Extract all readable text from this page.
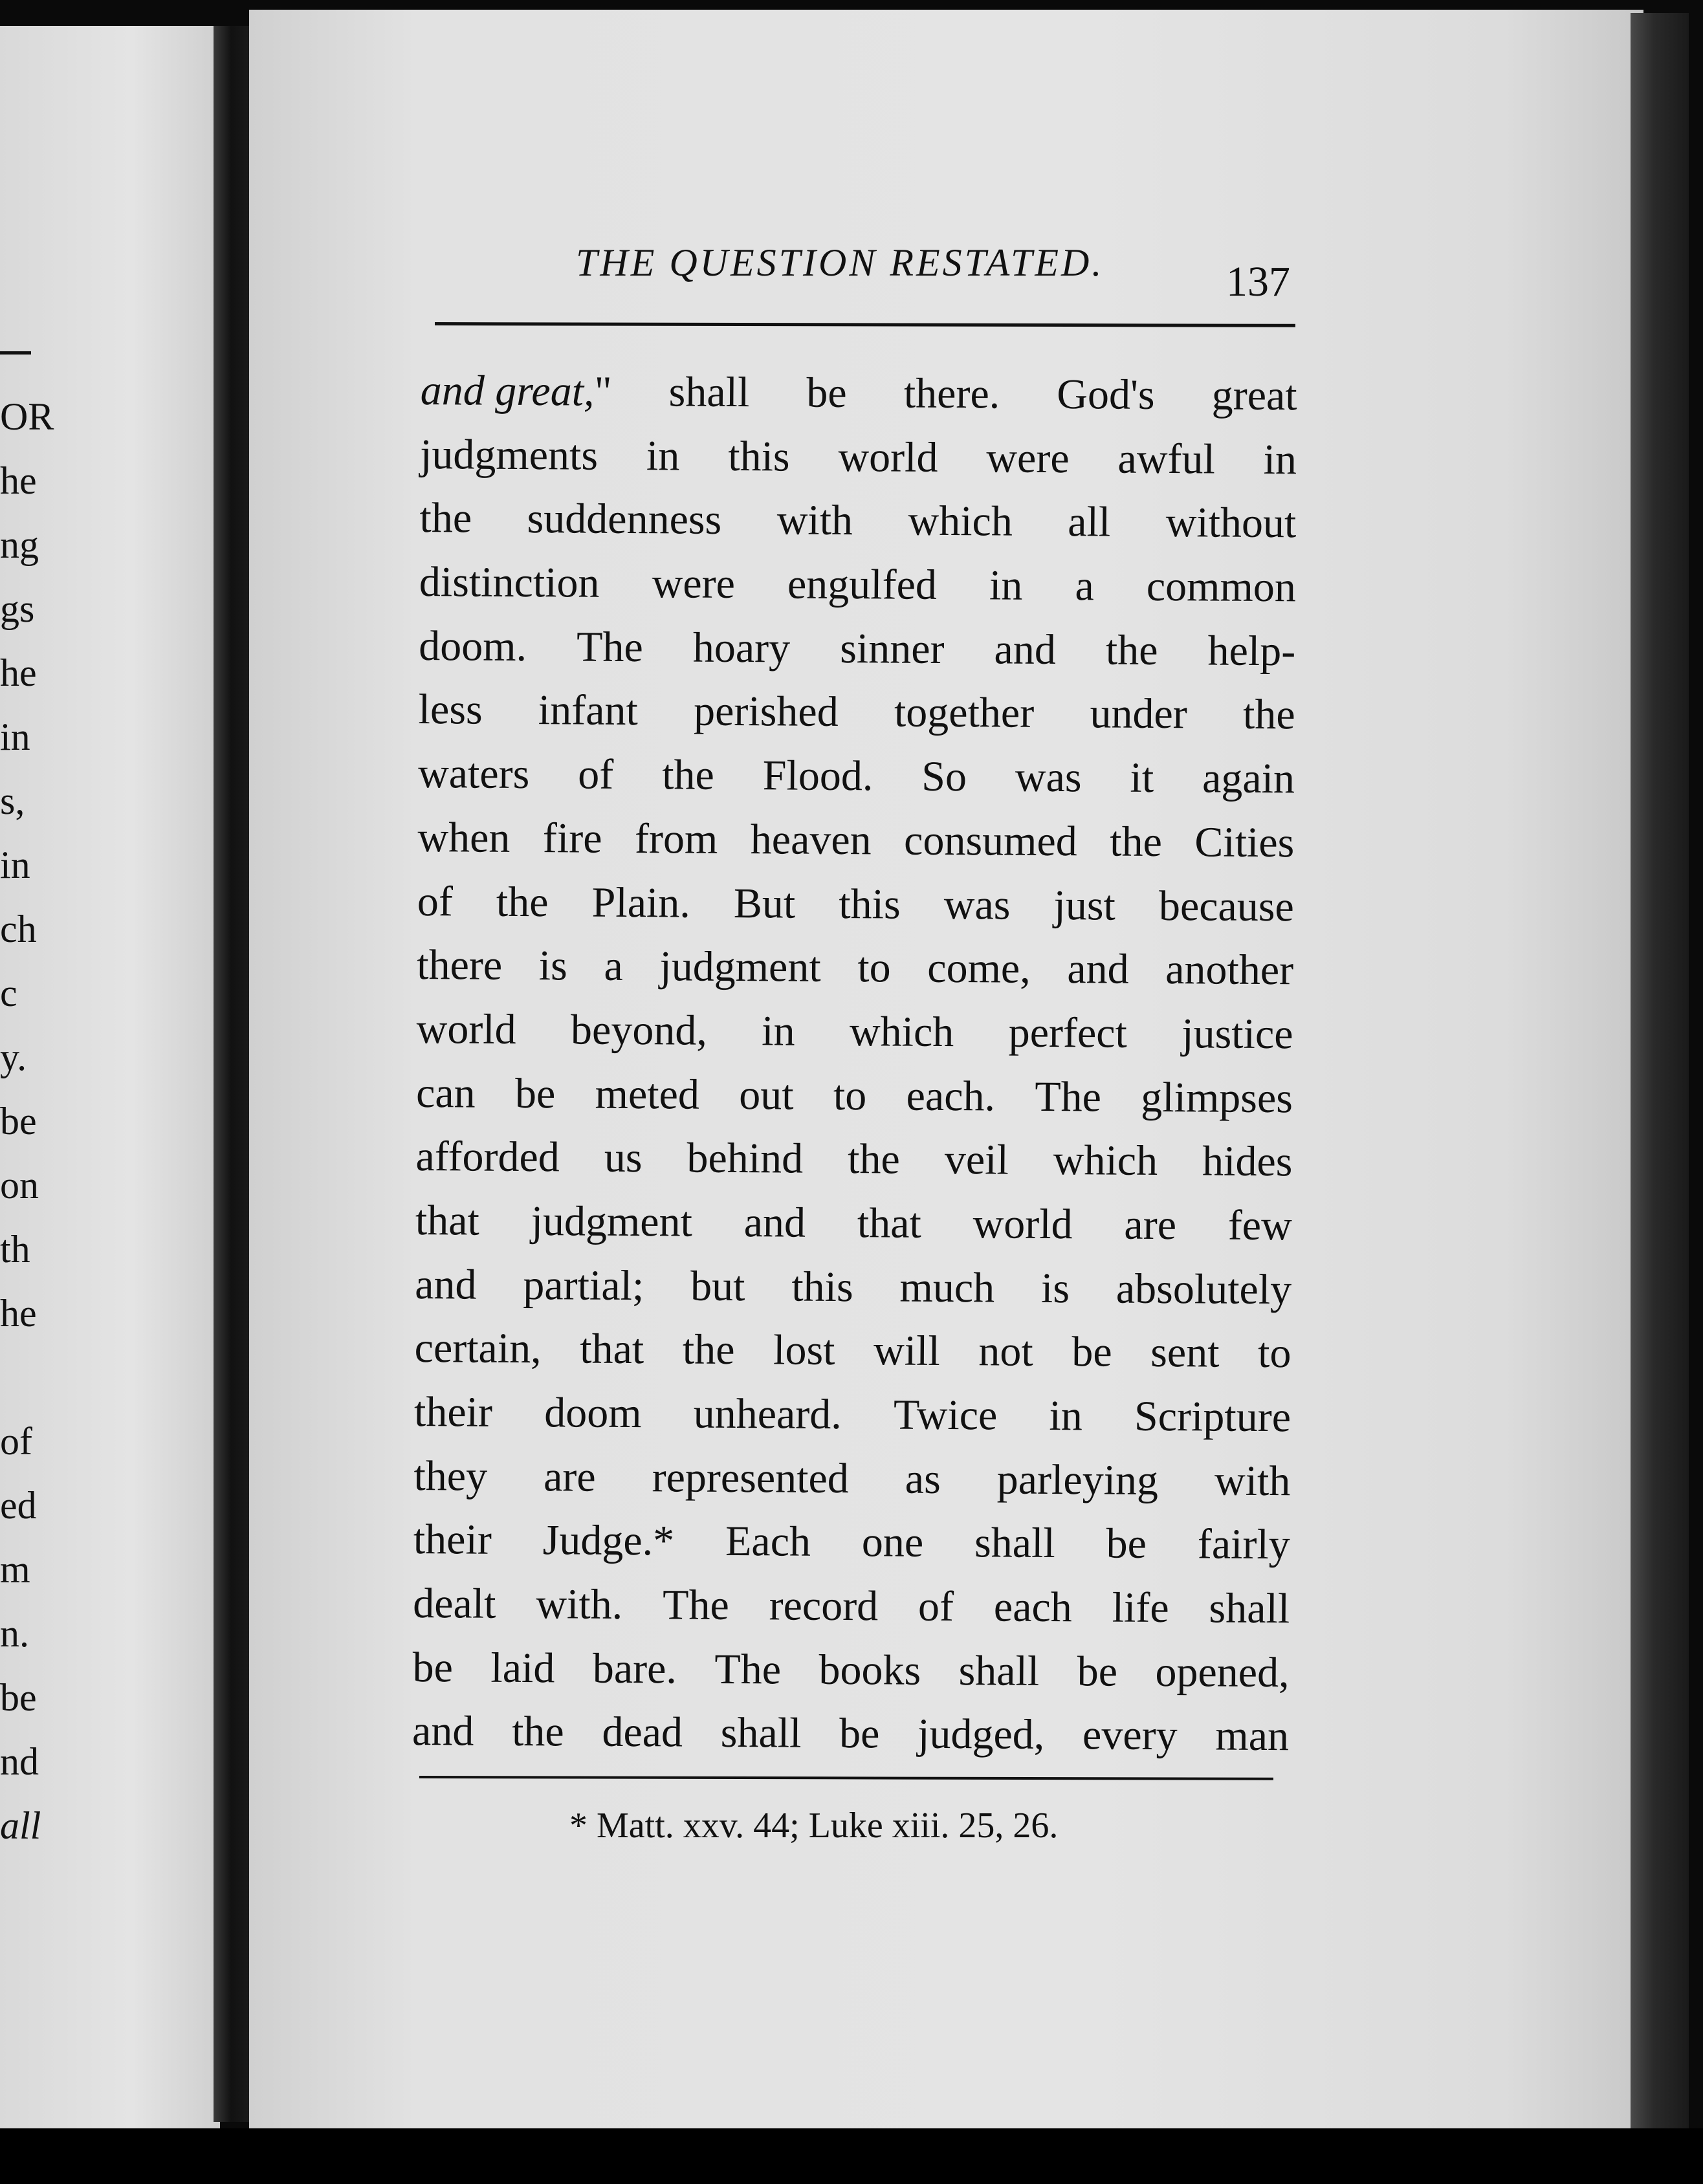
OR
he
ng
gs
he
in
s,
in
ch
c
y.
be
on
th
he
of
ed
m
n.
be
nd
all
THE QUESTION RESTATED.	137
and great," shall be there. God's great
judgments in this world were awful in
the suddenness with which all without
distinction were engulfed in a common
doom. The hoary sinner and the help-
less infant perished together under the
waters of the Flood. So was it again
when fire from heaven consumed the Cities
of the Plain. But this was just because
there is a judgment to come, and another
world beyond, in which perfect justice
can be meted out to each. The glimpses
afforded us behind the veil which hides
that judgment and that world are few
and partial; but this much is absolutely
certain, that the lost will not be sent to
their doom unheard. Twice in Scripture
they are represented as parleying with
their Judge.* Each one shall be fairly
dealt with. The record of each life shall
be laid bare. The books shall be opened,
and the dead shall be judged, every man
* Matt. xxv. 44; Luke xiii. 25, 26.
